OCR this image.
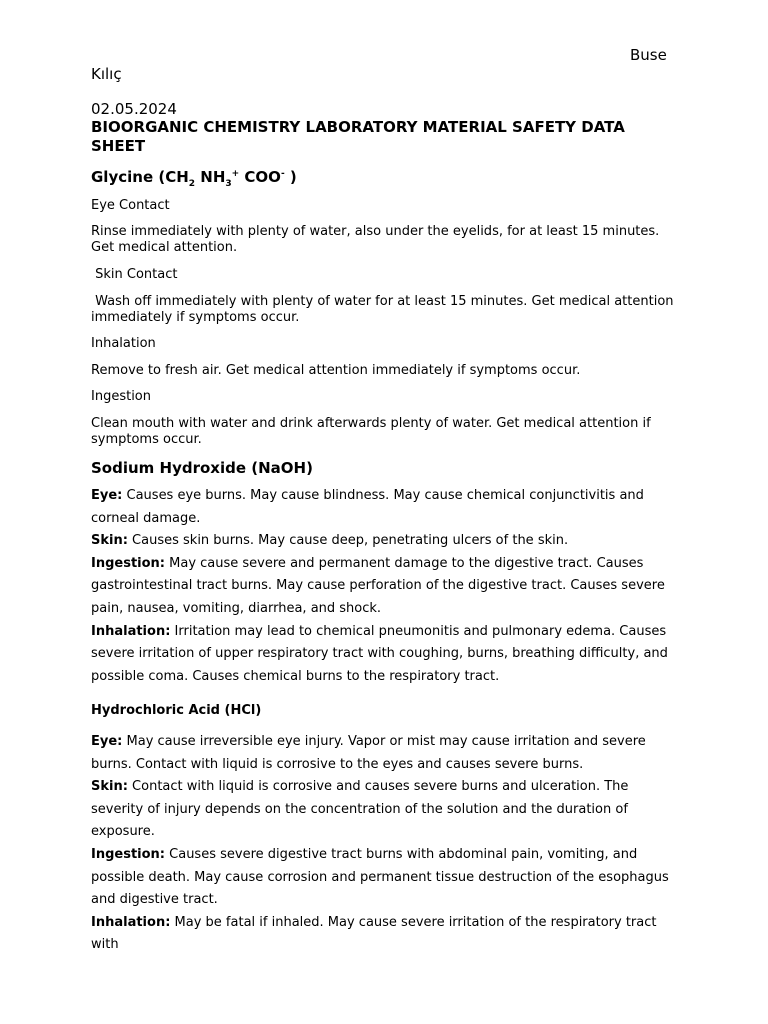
Buse
Kılıç
02.05.2024
BIOORGANIC CHEMISTRY LABORATORY MATERIAL SAFETY DATA SHEET
Glycine ($CH_2$ $NH_3^+$ COO- )
Eye Contact
Rinse immediately with plenty of water, also under the eyelids, for at least 15 minutes. Get medical attention.
Skin Contact
Wash off immediately with plenty of water for at least 15 minutes. Get medical attention immediately if symptoms occur.
Inhalation
Remove to fresh air. Get medical attention immediately if symptoms occur.
Ingestion
Clean mouth with water and drink afterwards plenty of water. Get medical attention if symptoms occur.
Sodium Hydroxide (NaOH)

Eye: Causes eye burns. May cause blindness. May cause chemical conjunctivitis and corneal damage.

Skin: Causes skin burns. May cause deep, penetrating ulcers of the skin.

Ingestion: May cause severe and permanent damage to the digestive tract. Causes gastrointestinal tract burns. May cause perforation of the digestive tract. Causes severe pain, nausea, vomiting, diarrhea, and shock.

Inhalation: Irritation may lead to chemical pneumonitis and pulmonary edema. Causes severe irritation of upper respiratory tract with coughing, burns, breathing difficulty, and possible coma. Causes chemical burns to the respiratory tract.

Hydrochloric Acid (HCl)

Eye: May cause irreversible eye injury. Vapor or mist may cause irritation and severe burns. Contact with liquid is corrosive to the eyes and causes severe burns.

Skin: Contact with liquid is corrosive and causes severe burns and ulceration. The severity of injury depends on the concentration of the solution and the duration of exposure.

Ingestion: Causes severe digestive tract burns with abdominal pain, vomiting, and possible death. May cause corrosion and permanent tissue destruction of the esophagus and digestive tract.

Inhalation: May be fatal if inhaled. May cause severe irritation of the respiratory tract with
